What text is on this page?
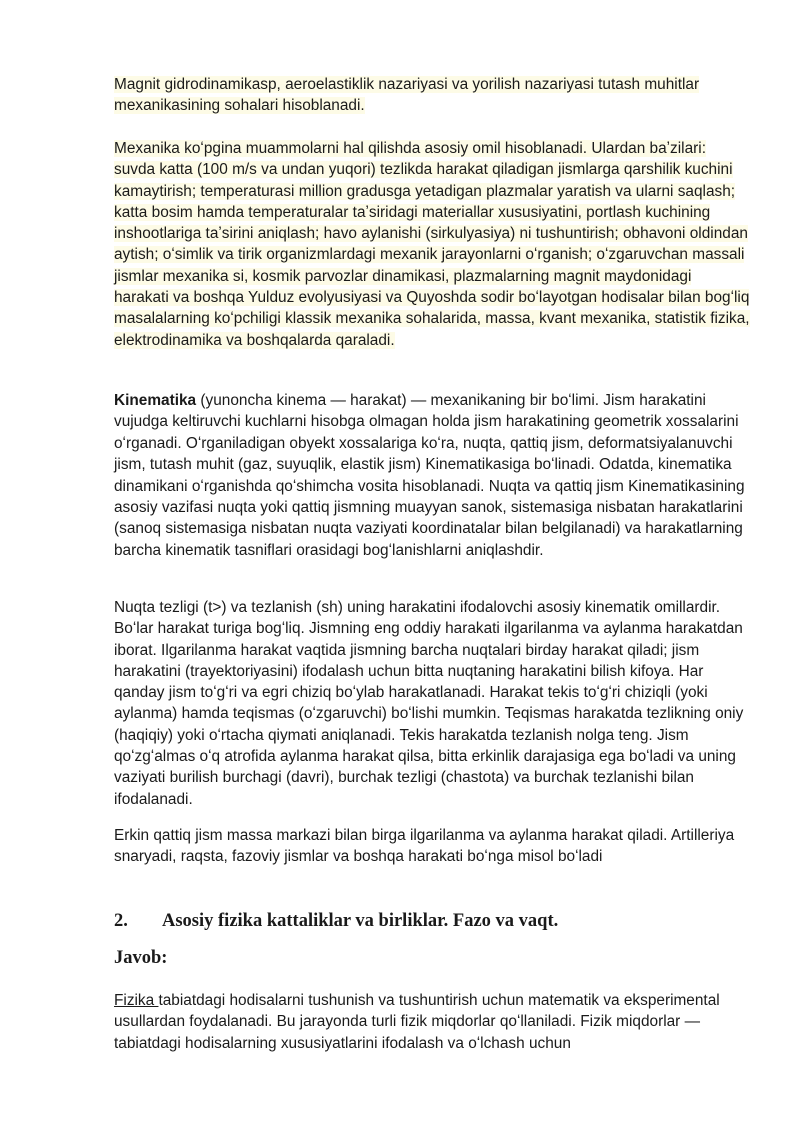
Magnit gidrodinamikasp, aeroelastiklik nazariyasi va yorilish nazariyasi tutash muhitlar mexanikasining sohalari hisoblanadi.

Mexanika koʻpgina muammolarni hal qilishda asosiy omil hisoblanadi. Ulardan baʼzilari: suvda katta (100 m/s va undan yuqori) tezlikda harakat qiladigan jismlarga qarshilik kuchini kamaytirish; temperaturasi million gradusga yetadigan plazmalar yaratish va ularni saqlash; katta bosim hamda temperaturalar taʼsiridagi materiallar xususiyatini, portlash kuchining inshootlariga taʼsirini aniqlash; havo aylanishi (sirkulyasiya) ni tushuntirish; obhavoni oldindan aytish; oʻsimlik va tirik organizmlardagi mexanik jarayonlarni oʻrganish; oʻzgaruvchan massali jismlar mexanika si, kosmik parvozlar dinamikasi, plazmalarning magnit maydonidagi harakati va boshqa Yulduz evolyusiyasi va Quyoshda sodir boʻlayotgan hodisalar bilan bogʻliq masalalarning koʻpchiligi klassik mexanika sohalarida, massa, kvant mexanika, statistik fizika, elektrodinamika va boshqalarda qaraladi.

Kinematika (yunoncha kinema — harakat) — mexanikaning bir boʻlimi. Jism harakatini vujudga keltiruvchi kuchlarni hisobga olmagan holda jism harakatining geometrik xossalarini oʻrganadi. Oʻrganiladigan obyekt xossalariga koʻra, nuqta, qattiq jism, deformatsiyalanuvchi jism, tutash muhit (gaz, suyuqlik, elastik jism) Kinematikasiga boʻlinadi. Odatda, kinematika dinamikani oʻrganishda qoʻshimcha vosita hisoblanadi. Nuqta va qattiq jism Kinematikasining asosiy vazifasi nuqta yoki qattiq jismning muayyan sanok, sistemasiga nisbatan harakatlarini (sanoq sistemasiga nisbatan nuqta vaziyati koordinatalar bilan belgilanadi) va harakatlarning barcha kinematik tasniflari orasidagi bogʻlanishlarni aniqlashdir.

Nuqta tezligi (t>) va tezlanish (sh) uning harakatini ifodalovchi asosiy kinematik omillardir. Boʻlar harakat turiga bogʻliq. Jismning eng oddiy harakati ilgarilanma va aylanma harakatdan iborat. Ilgarilanma harakat vaqtida jismning barcha nuqtalari birday harakat qiladi; jism harakatini (trayektoriyasini) ifodalash uchun bitta nuqtaning harakatini bilish kifoya. Har qanday jism toʻgʻri va egri chiziq boʻylab harakatlanadi. Harakat tekis toʻgʻri chiziqli (yoki aylanma) hamda teqismas (oʻzgaruvchi) boʻlishi mumkin. Teqismas harakatda tezlikning oniy (haqiqiy) yoki oʻrtacha qiymati aniqlanadi. Tekis harakatda tezlanish nolga teng. Jism qoʻzgʻalmas oʻq atrofida aylanma harakat qilsa, bitta erkinlik darajasiga ega boʻladi va uning vaziyati burilish burchagi (davri), burchak tezligi (chastota) va burchak tezlanishi bilan ifodalanadi.

Erkin qattiq jism massa markazi bilan birga ilgarilanma va aylanma harakat qiladi. Artilleriya snaryadi, raqsta, fazoviy jismlar va boshqa harakati boʻnga misol boʻladi

2. Asosiy fizika kattaliklar va birliklar. Fazo va vaqt.
Javob:

Fizika tabiatdagi hodisalarni tushunish va tushuntirish uchun matematik va eksperimental usullardan foydalanadi. Bu jarayonda turli fizik miqdorlar qoʻllaniladi. Fizik miqdorlar — tabiatdagi hodisalarning xususiyatlarini ifodalash va oʻlchash uchun
